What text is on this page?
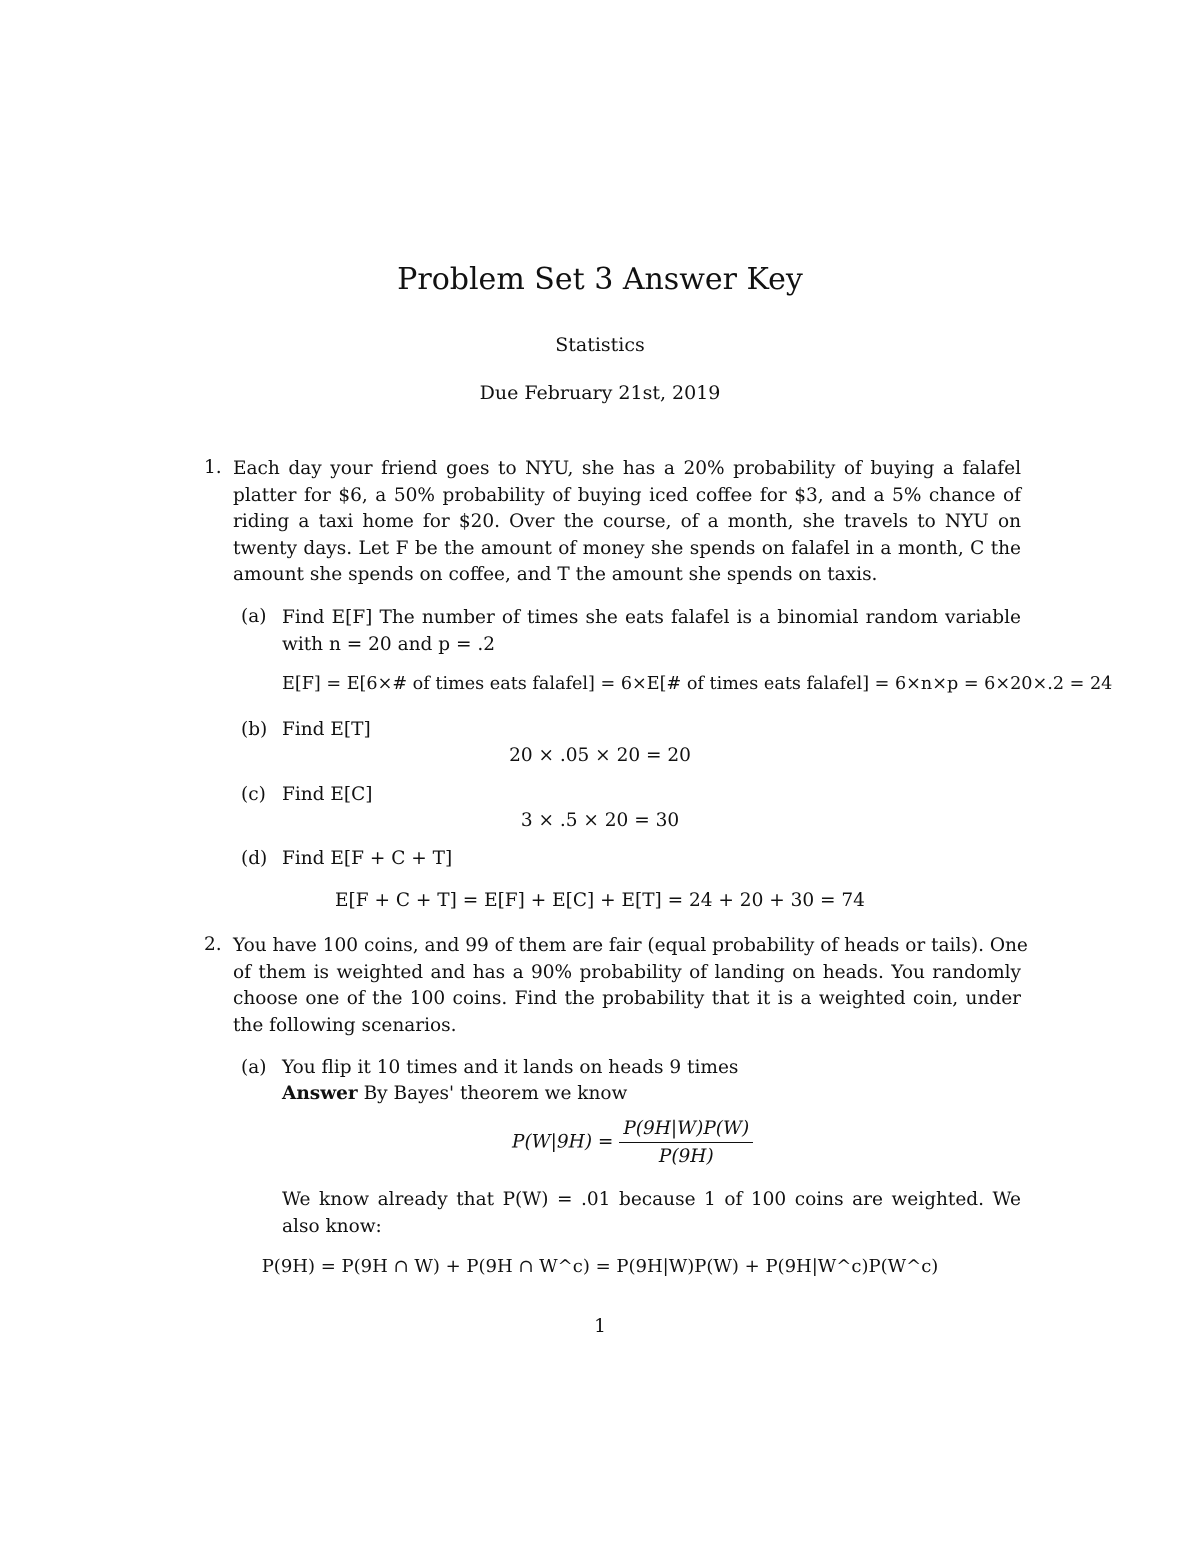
Problem Set 3 Answer Key
Statistics
Due February 21st, 2019
1. Each day your friend goes to NYU, she has a 20% probability of buying a falafel
platter for $6, a 50% probability of buying iced coffee for $3, and a 5% chance of
riding a taxi home for $20. Over the course, of a month, she travels to NYU on
twenty days. Let F be the amount of money she spends on falafel in a month, C the
amount she spends on coffee, and T the amount she spends on taxis.
(a) Find E[F] The number of times she eats falafel is a binomial random variable
with n = 20 and p = .2
E[F] = E[6×# of times eats falafel] = 6×E[# of times eats falafel] = 6×n×p = 6×20×.2 = 24
(b) Find E[T]
20 × .05 × 20 = 20
(c) Find E[C]
3 × .5 × 20 = 30
(d) Find E[F + C + T]
E[F + C + T] = E[F] + E[C] + E[T] = 24 + 20 + 30 = 74
2. You have 100 coins, and 99 of them are fair (equal probability of heads or tails). One
of them is weighted and has a 90% probability of landing on heads. You randomly
choose one of the 100 coins. Find the probability that it is a weighted coin, under
the following scenarios.
(a) You flip it 10 times and it lands on heads 9 times
Answer By Bayes' theorem we know
$P(W|9H) = \frac{P(9H|W)P(W)}{P(9H)}$
We know already that P(W) = .01 because 1 of 100 coins are weighted. We
also know:
P(9H) = P(9H ∩ W) + P(9H ∩ W^c) = P(9H|W)P(W) + P(9H|W^c)P(W^c)
1
